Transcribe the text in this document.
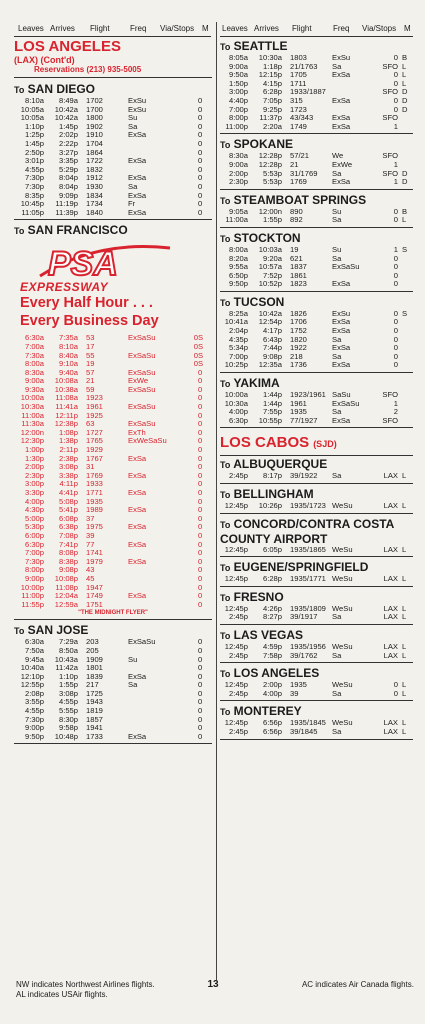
Leaves Arrives Flight	Freq Via/Stops M Leaves Arrives Flight	Freq Via/Stops M
LOS ANGELES
(LAX) (Cont'd)
Reservations (213) 935-5005
To SAN DIEGO
8:10a	8:49a 1702	ExSu	0
10:05a	10:42a 1700	ExSu	0
10:05a	10:42a 1800	Su	0
1:10p	1:45p 1902	Sa	0
1:25p	2:02p 1910	ExSa	0
1:45p	2:22p 1704	0
2:50p	3:27p 1864	0
3:01p	3:35p 1722	ExSa	0
4:55p	5:29p 1832	0
7:30p	8:04p 1912	ExSa	0
7:30p	8:04p 1930	Sa	0
8:35p	9:09p 1834	ExSa	0
10:45p	11:19p 1734	Fr	0
11:05p	11:39p 1840	ExSa	0
To SAN FRANCISCO
PSA
EXPRESSWAY
Every Half Hour . . .
Every Business Day
6:30a	7:35a 53	ExSaSu	0 S
7:00a	8:10a 17	0 S
7:30a	8:40a 55	ExSaSu	0 S
8:00a	9:10a 19	0 S
8:30a	9:40a 57	ExSaSu	0
9:00a	10:08a 21	ExWe	0
9:30a	10:38a 59	ExSaSu	0
10:00a	11:08a 1923	0
10:30a	11:41a 1961	ExSaSu	0
11:00a	12:11p 1925	0
11:30a	12:38p 63	ExSaSu	0
12:00n	1:08p 1727	ExTh	0
12:30p	1:38p 1765	ExWeSaSu	0
1:00p	2:11p 1929	0
1:30p	2:38p 1767	ExSa	0
2:00p	3:08p 31	0
2:30p	3:38p 1769	ExSa	0
3:00p	4:11p 1933	0
3:30p	4:41p 1771	ExSa	0
4:00p	5:08p 1935	0
4:30p	5:41p 1989	ExSa	0
5:00p	6:08p 37	0
5:30p	6:38p 1975	ExSa	0
6:00p	7:08p 39	0
6:30p	7:41p 77	ExSa	0
7:00p	8:08p 1741	0
7:30p	8:38p 1979	ExSa	0
8:00p	9:08p 43	0
9:00p	10:08p 45	0
10:00p	11:08p 1947	0
11:00p	12:04a 1749	ExSa	0
11:55p	12:59a 1751	0
"THE MIDNIGHT FLYER"
To SAN JOSE
6:30a	7:29a 203	ExSaSu	0
7:50a	8:50a 205	0
9:45a	10:43a 1909	Su	0
10:40a	11:42a 1801	0
12:10p	1:10p 1839	ExSa	0
12:55p	1:55p 217	Sa	0
2:08p	3:08p 1725	0
3:55p	4:55p 1943	0
4:55p	5:55p 1819	0
7:30p	8:30p 1857	0
9:00p	9:58p 1941	0
9:50p	10:48p 1733	ExSa	0
To SEATTLE
8:05a	10:30a 1803	ExSu	0 B
9:00a	1:18p 21/1763	Sa	SFO L
9:50a	12:15p 1705	ExSa	0 L
1:50p	4:15p 1711	0 L
3:00p	6:28p 1933/1887	SFO D
4:40p	7:05p 315	ExSa	0 D
7:00p	9:25p 1723	0 D
8:00p	11:37p 43/343	ExSa	SFO
11:00p	2:20a 1749	ExSa	1
To SPOKANE
8:30a	12:28p 57/21	We	SFO
9:00a	12:28p 21	ExWe	1
2:00p	5:53p 31/1769	Sa	SFO D
2:30p	5:53p 1769	ExSa	1 D
To STEAMBOAT SPRINGS
9:05a	12:00n 890	Su	0 B
11:00a	1:55p 892	Sa	0 L
To STOCKTON
8:00a	10:03a 19	Su	1 S
8:20a	9:20a 621	Sa	0
9:55a	10:57a 1837	ExSaSu	0
6:50p	7:52p 1861	0
9:50p	10:52p 1823	ExSa	0
To TUCSON
8:25a	10:42a 1826	ExSu	0 S
10:41a	12:54p 1706	ExSa	0
2:04p	4:17p 1752	ExSa	0
4:35p	6:43p 1820	Sa	0
5:34p	7:44p 1922	ExSa	0
7:00p	9:08p 218	Sa	0
10:25p	12:35a 1736	ExSa	0
To YAKIMA
10:00a	1:44p 1923/1961 SaSu	SFO
10:30a	1:44p 1961	ExSaSu	1
4:00p	7:55p 1935	Sa	2
6:30p	10:55p 77/1927	ExSa	SFO
LOS CABOS (SJD)
To ALBUQUERQUE
2:45p	8:17p 39/1922	Sa	LAX L
To BELLINGHAM
12:45p	10:26p 1935/1723 WeSu	LAX L
To CONCORD/CONTRA COSTA COUNTY AIRPORT
12:45p	6:05p 1935/1865 WeSu	LAX L
To EUGENE/SPRINGFIELD
12:45p	6:28p 1935/1771 WeSu	LAX L
To FRESNO
12:45p	4:26p 1935/1809 WeSu	LAX L
2:45p	8:27p 39/1917	Sa	LAX L
To LAS VEGAS
12:45p	4:59p 1935/1956 WeSu	LAX L
2:45p	7:58p 39/1762	Sa	LAX L
To LOS ANGELES
12:45p	2:00p 1935	WeSu	0 L
2:45p	4:00p 39	Sa	0 L
To MONTEREY
12:45p	6:56p 1935/1845 WeSu	LAX L
2:45p	6:56p 39/1845	Sa	LAX L
NW indicates Northwest Airlines flights.
AL indicates USAir flights.
13	AC indicates Air Canada flights.
